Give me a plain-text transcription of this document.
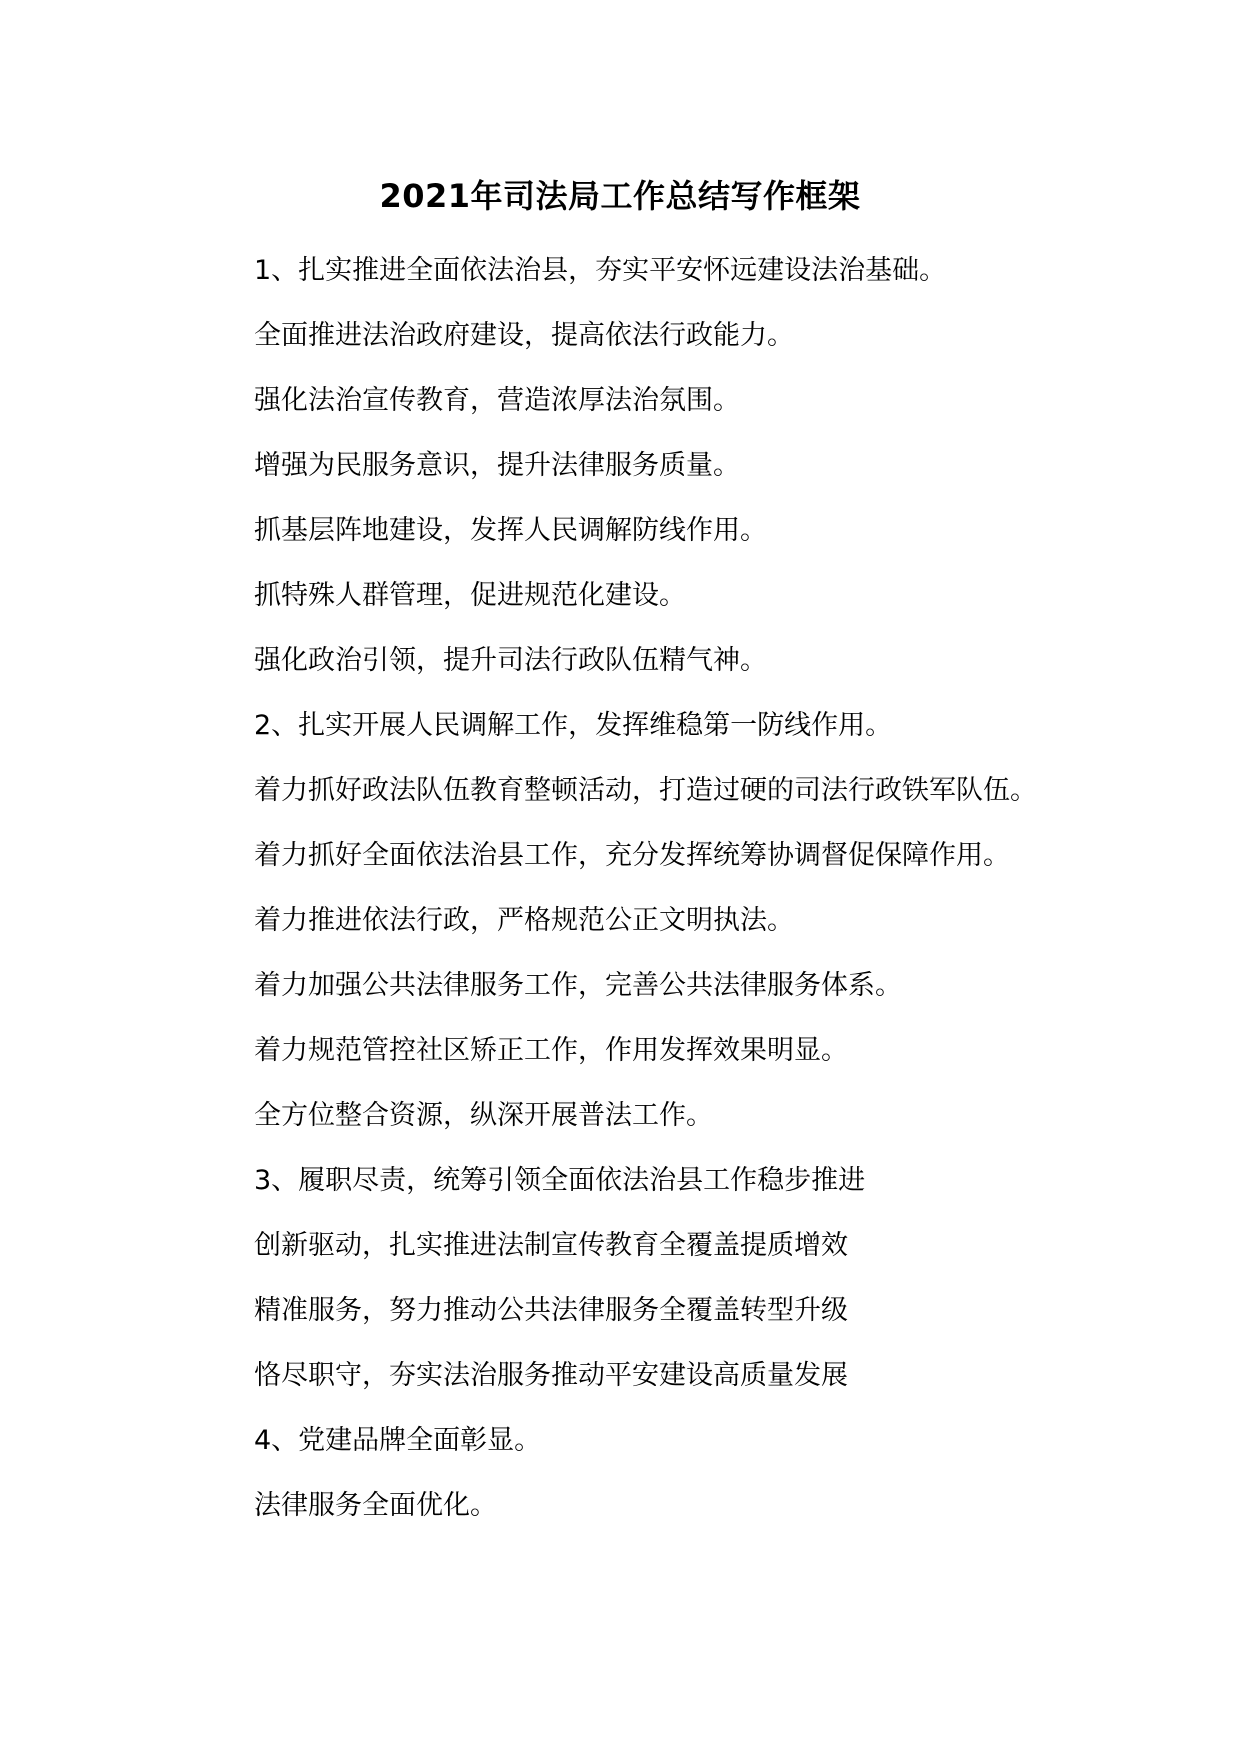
2021年司法局工作总结写作框架

1、扎实推进全面依法治县，夯实平安怀远建设法治基础。

全面推进法治政府建设，提高依法行政能力。

强化法治宣传教育，营造浓厚法治氛围。

增强为民服务意识，提升法律服务质量。

抓基层阵地建设，发挥人民调解防线作用。

抓特殊人群管理，促进规范化建设。

强化政治引领，提升司法行政队伍精气神。

2、扎实开展人民调解工作，发挥维稳第一防线作用。

着力抓好政法队伍教育整顿活动，打造过硬的司法行政铁军队伍。

着力抓好全面依法治县工作，充分发挥统筹协调督促保障作用。

着力推进依法行政，严格规范公正文明执法。

着力加强公共法律服务工作，完善公共法律服务体系。

着力规范管控社区矫正工作，作用发挥效果明显。

全方位整合资源，纵深开展普法工作。

3、履职尽责，统筹引领全面依法治县工作稳步推进

创新驱动，扎实推进法制宣传教育全覆盖提质增效

精准服务，努力推动公共法律服务全覆盖转型升级

恪尽职守，夯实法治服务推动平安建设高质量发展

4、党建品牌全面彰显。

法律服务全面优化。
